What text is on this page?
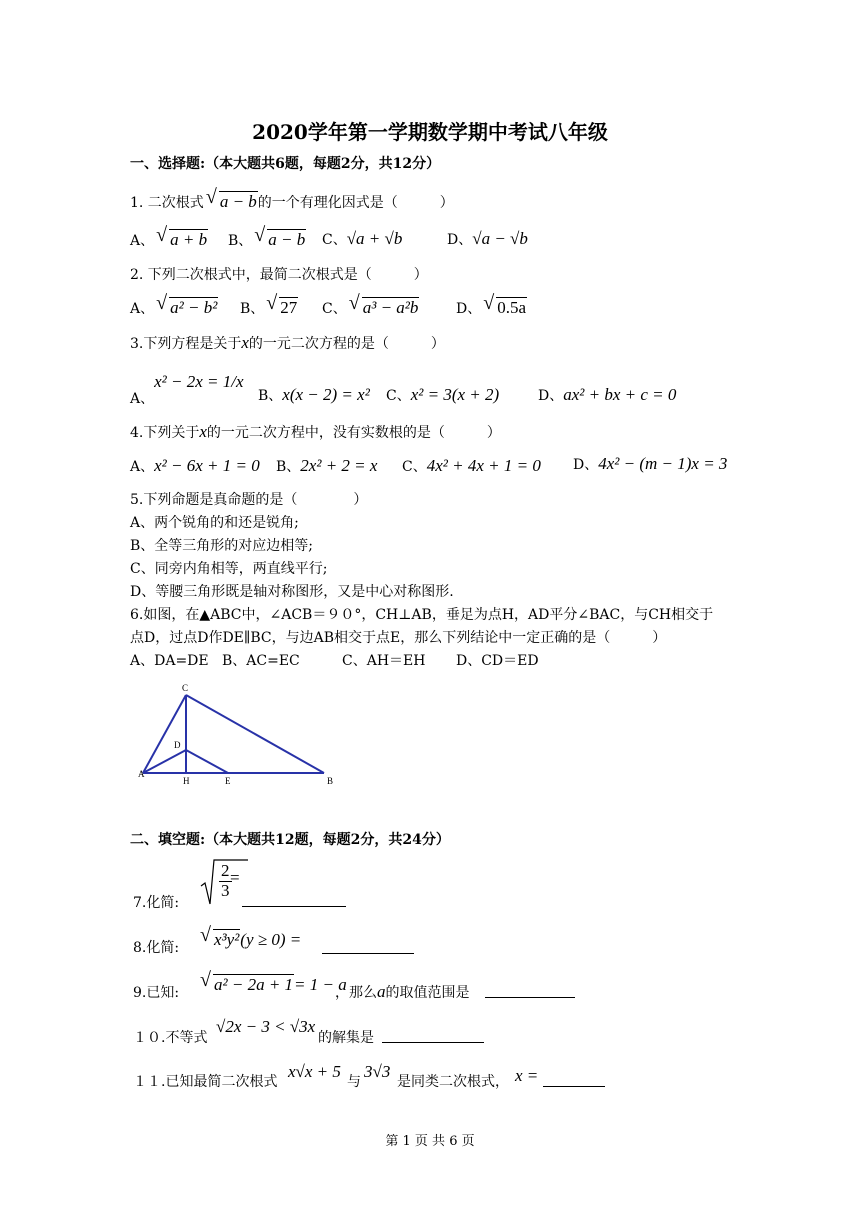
2020学年第一学期数学期中考试八年级
一、选择题:（本大题共6题，每题2分，共12分）
1. 二次根式 √ a − b的一个有理化因式是（　　　）
A、 √ a + b B、 √ a − b C、√a + √b	D、√a − √b
2. 下列二次根式中，最简二次根式是（　　　）
A、 √ a² − b² B、 √ 27 C、 √ a³ − a²b	D、 √ 0.5a
3.下列方程是关于x的一元二次方程的是（　　　）
A、x² − 2x = 1/x
B、x(x − 2) = x² C、x² = 3(x + 2)	D、ax² + bx + c = 0
4.下列关于x的一元二次方程中，没有实数根的是（　　　）
A、x² − 6x + 1 = 0 B、2x² + 2 = x C、4x² + 4x + 1 = 0 D、4x² − (m − 1)x = 3
5.下列命题是真命题的是（　　　　）
A、两个锐角的和还是锐角;
B、全等三角形的对应边相等;
C、同旁内角相等，两直线平行;
D、等腰三角形既是轴对称图形，又是中心对称图形.
6.如图，在▲ABC中，∠ACB＝９０°，CH⊥AB，垂足为点H，AD平分∠BAC，与CH相交于
点D，过点D作DE∥BC，与边AB相交于点E，那么下列结论中一定正确的是（　　　）
A、DA=DE B、AC=EC	C、AH＝EH D、CD＝ED
C
D
A
H	E	B
二、填空题:（本大题共12题，每题2分，共24分）
7.化简:
$\frac{2}{3}$
=
8.化简:
√ x³y²(y ≥ 0) =
9.已知:
√ a² − 2a + 1= 1 − a
，那么a的取值范围是
１０.不等式
√2x − 3 < √3x
的解集是
１１.已知最简二次根式
x√x + 5
与
3√3
是同类二次根式， x =
第 1 页 共 6 页
